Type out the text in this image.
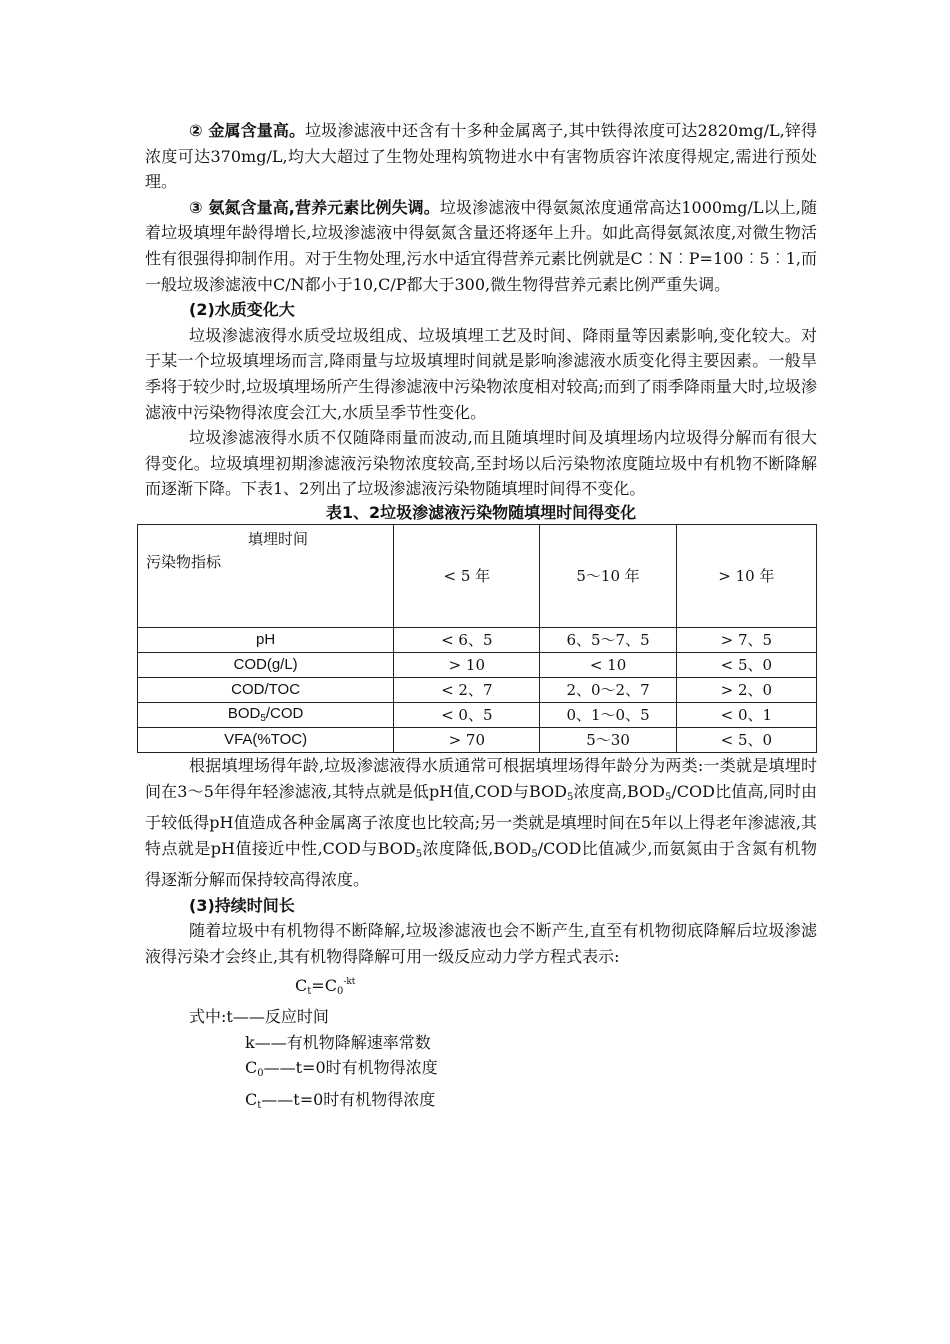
② 金属含量高。垃圾渗滤液中还含有十多种金属离子,其中铁得浓度可达2820mg/L,锌得浓度可达370mg/L,均大大超过了生物处理构筑物进水中有害物质容许浓度得规定,需进行预处理。

③ 氨氮含量高,营养元素比例失调。垃圾渗滤液中得氨氮浓度通常高达1000mg/L以上,随着垃圾填埋年龄得增长,垃圾渗滤液中得氨氮含量还将逐年上升。如此高得氨氮浓度,对微生物活性有很强得抑制作用。对于生物处理,污水中适宜得营养元素比例就是C︰N︰P=100︰5︰1,而一般垃圾渗滤液中C/N都小于10,C/P都大于300,微生物得营养元素比例严重失调。

(2)水质变化大

垃圾渗滤液得水质受垃圾组成、垃圾填埋工艺及时间、降雨量等因素影响,变化较大。对于某一个垃圾填埋场而言,降雨量与垃圾填埋时间就是影响渗滤液水质变化得主要因素。一般旱季将于较少时,垃圾填埋场所产生得渗滤液中污染物浓度相对较高;而到了雨季降雨量大时,垃圾渗滤液中污染物得浓度会江大,水质呈季节性变化。

垃圾渗滤液得水质不仅随降雨量而波动,而且随填埋时间及填埋场内垃圾得分解而有很大得变化。垃圾填埋初期渗滤液污染物浓度较高,至封场以后污染物浓度随垃圾中有机物不断降解而逐渐下降。下表1、2列出了垃圾渗滤液污染物随填埋时间得不变化。

表1、2垃圾渗滤液污染物随填埋时间得变化
填埋时间
污染物指标	< 5 年	5～10 年	> 10 年
pH	< 6、5	6、5～7、5	> 7、5
COD(g/L)	> 10	< 10	< 5、0
COD/TOC	< 2、7	2、0～2、7	> 2、0
$BOD_5$/COD	< 0、5	0、1～0、5	< 0、1
VFA(%TOC)	> 70	5～30	< 5、0

根据填埋场得年龄,垃圾渗滤液得水质通常可根据填埋场得年龄分为两类:一类就是填埋时间在3～5年得年轻渗滤液,其特点就是低pH值,COD与$BOD_5$浓度高$,BOD_5$/COD比值高,同时由于较低得pH值造成各种金属离子浓度也比较高;另一类就是填埋时间在5年以上得老年渗滤液,其特点就是pH值接近中性,COD与$BOD_5$浓度降低$,BOD_5$/COD比值减少,而氨氮由于含氮有机物得逐渐分解而保持较高得浓度。

(3)持续时间长

随着垃圾中有机物得不断降解,垃圾渗滤液也会不断产生,直至有机物彻底降解后垃圾渗滤液得污染才会终止,其有机物得降解可用一级反应动力学方程式表示:

$C_t=C_0^{-kt}$

式中:t——反应时间

k——有机物降解速率常数

$C_0——t=0$时有机物得浓度

$C_t——t=0$时有机物得浓度
